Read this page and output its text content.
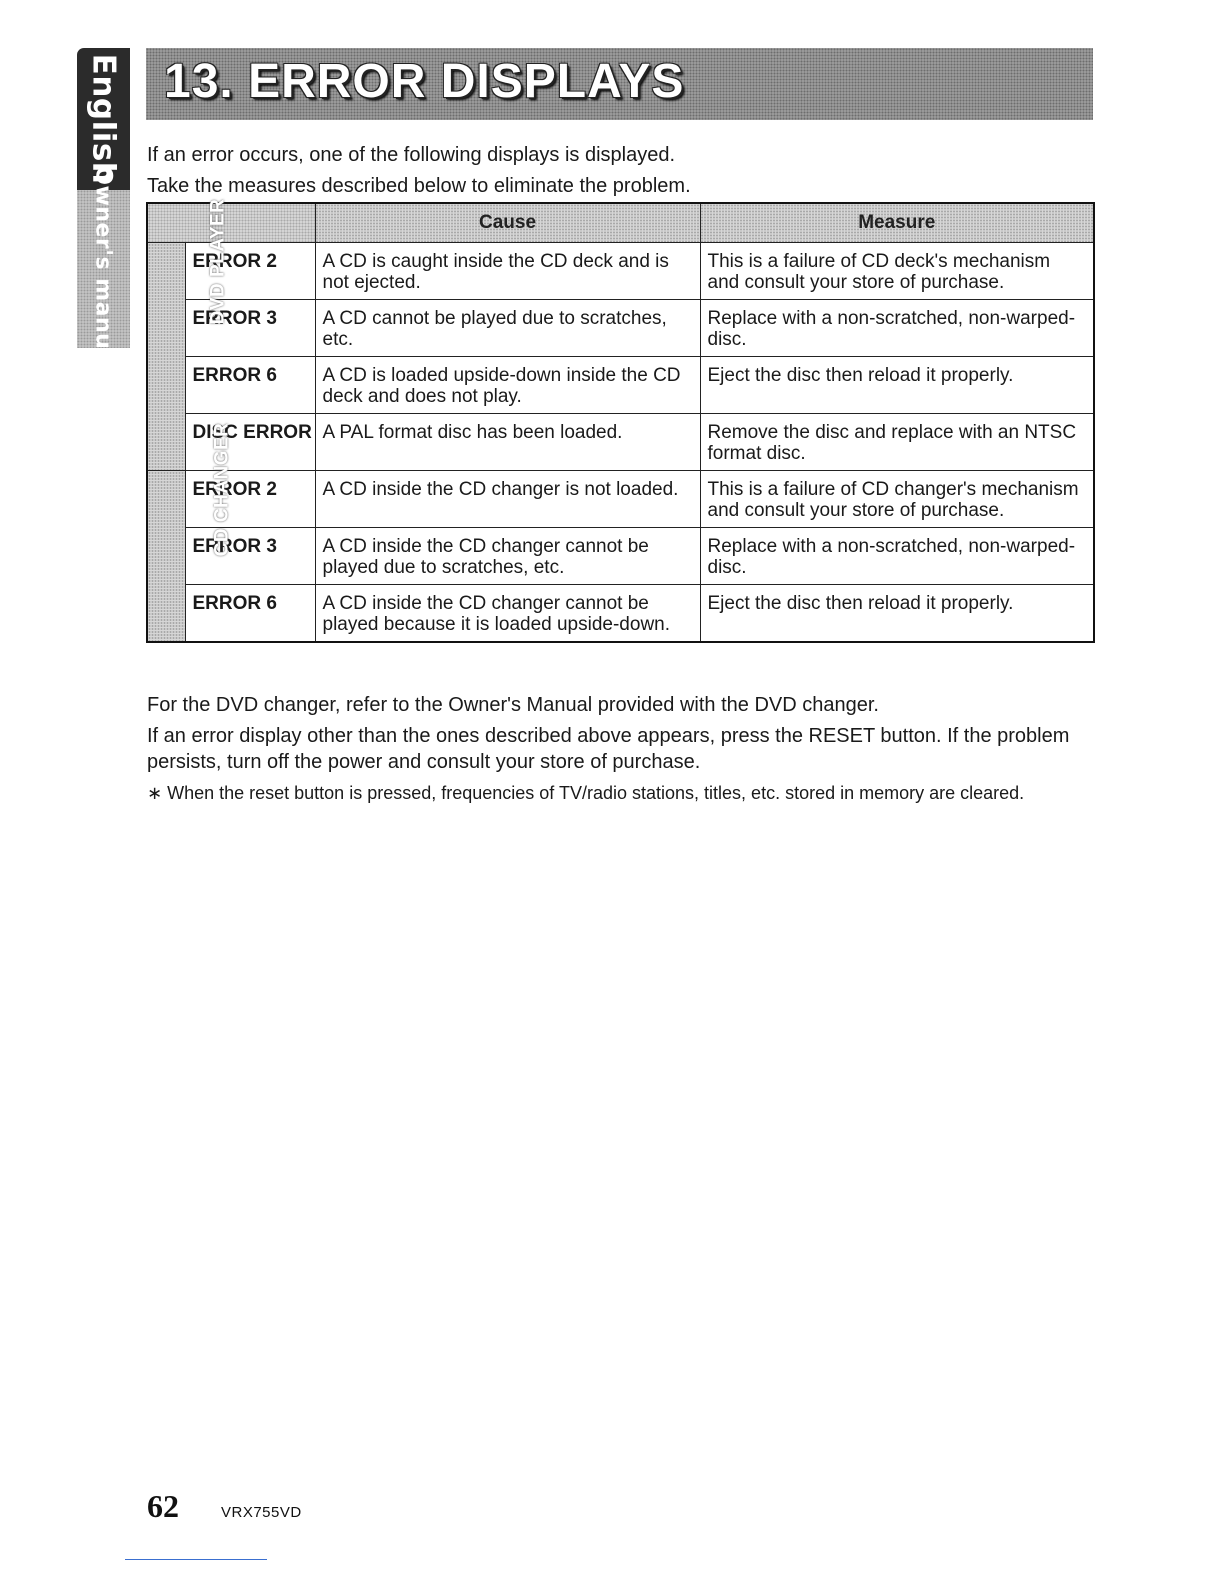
English
Owner's manual
13. ERROR DISPLAYS

If an error occurs, one of the following displays is displayed.

Take the measures described below to eliminate the problem.

		Cause	Measure
DVD PLAYER	ERROR 2	A CD is caught inside the CD deck and is not ejected.	This is a failure of CD deck's mechanism and consult your store of purchase.
	ERROR 3	A CD cannot be played due to scratches, etc.	Replace with a non-scratched, non-warped-disc.
	ERROR 6	A CD is loaded upside-down inside the CD deck and does not play.	Eject the disc then reload it properly.
	DISC ERROR	A PAL format disc has been loaded.	Remove the disc and replace with an NTSC format disc.
CD CHANGER	ERROR 2	A CD inside the CD changer is not loaded.	This is a failure of CD changer's mechanism and consult your store of purchase.
	ERROR 3	A CD inside the CD changer cannot be played due to scratches, etc.	Replace with a non-scratched, non-warped-disc.
	ERROR 6	A CD inside the CD changer cannot be played because it is loaded upside-down.	Eject the disc then reload it properly.

For the DVD changer, refer to the Owner's Manual provided with the DVD changer.

If an error display other than the ones described above appears, press the RESET button. If the problem persists, turn off the power and consult your store of purchase.

∗ When the reset button is pressed, frequencies of TV/radio stations, titles, etc. stored in memory are cleared.

62	VRX755VD
